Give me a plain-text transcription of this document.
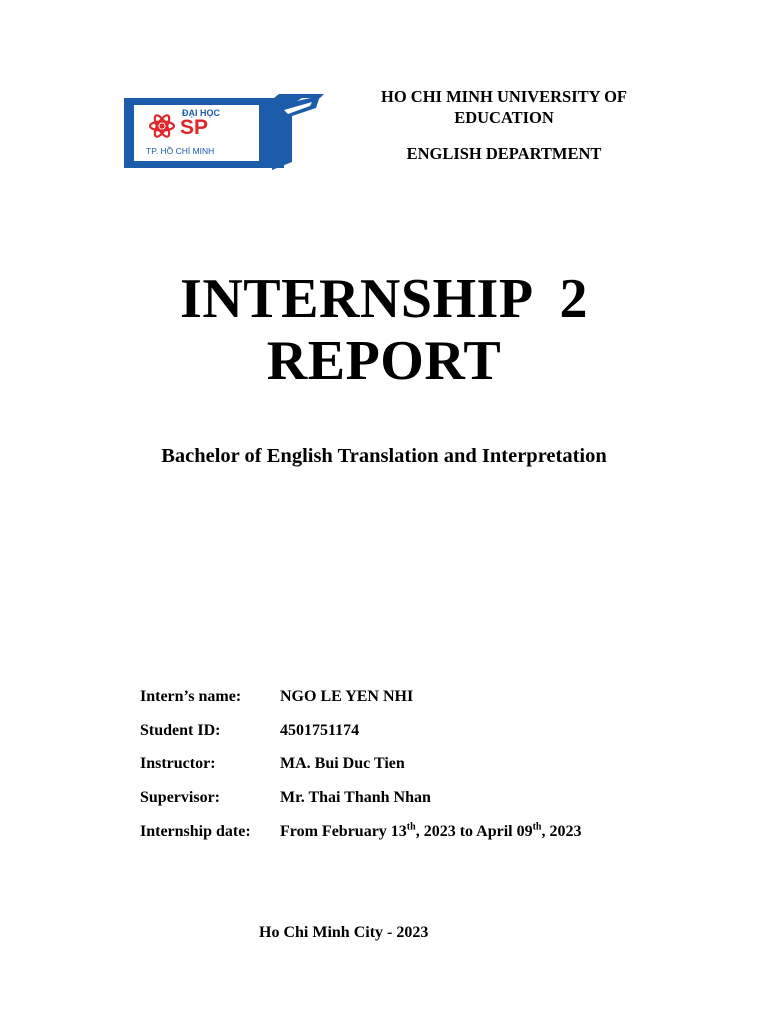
ĐẠI HỌC
SP
TP. HỒ CHÍ MINH
HO CHI MINH UNIVERSITY OF
EDUCATION
ENGLISH DEPARTMENT
INTERNSHIP  2
REPORT
Bachelor of English Translation and Interpretation
Intern’s name:	NGO LE YEN NHI
Student ID:	4501751174
Instructor:	MA. Bui Duc Tien
Supervisor:	Mr. Thai Thanh Nhan
Internship date:	From February 13th, 2023 to April 09th, 2023
Ho Chi Minh City - 2023
